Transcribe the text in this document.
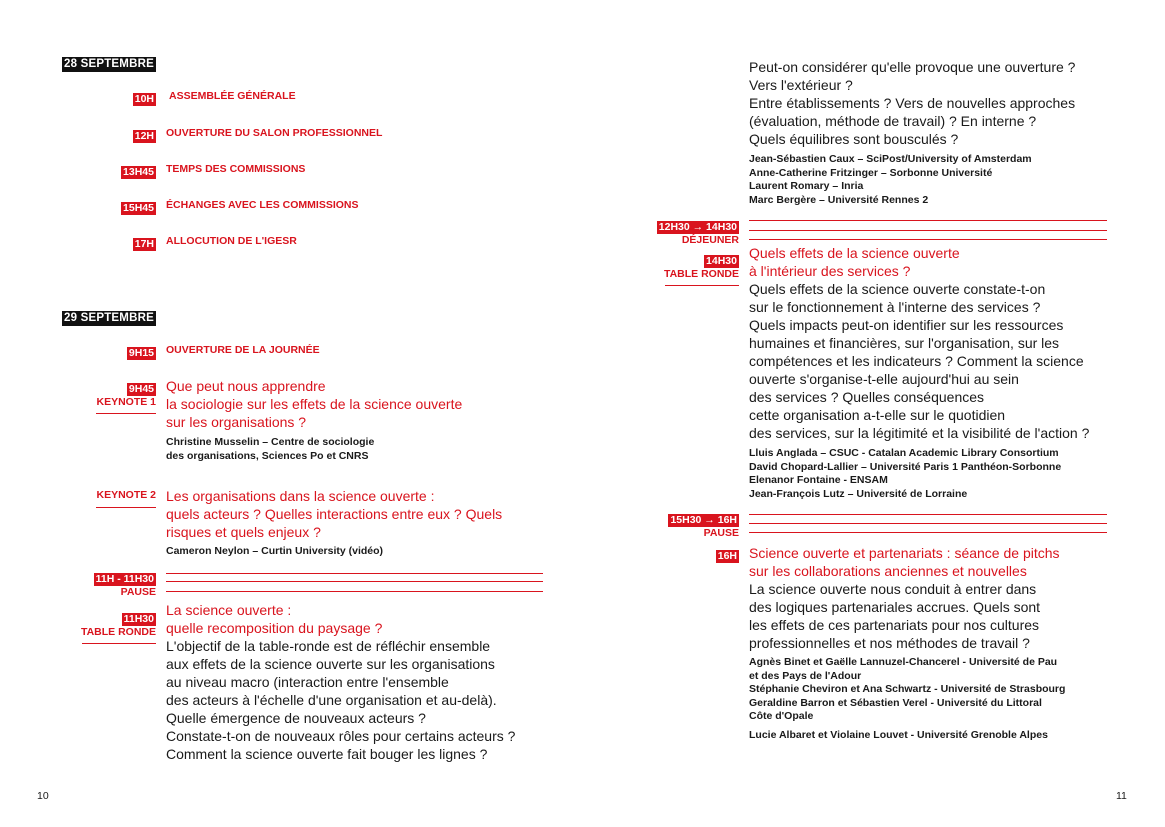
28 SEPTEMBRE
10H ASSEMBLÉE GÉNÉRALE
12H OUVERTURE DU SALON PROFESSIONNEL
13H45 TEMPS DES COMMISSIONS
15H45 ÉCHANGES AVEC LES COMMISSIONS
17H ALLOCUTION DE L'IGESR
29 SEPTEMBRE
9H15 OUVERTURE DE LA JOURNÉE
9H45
KEYNOTE 1
Que peut nous apprendre
la sociologie sur les effets de la science ouverte
sur les organisations ?
Christine Musselin – Centre de sociologie
des organisations, Sciences Po et CNRS
KEYNOTE 2 Les organisations dans la science ouverte :
quels acteurs ? Quelles interactions entre eux ? Quels
risques et quels enjeux ?
Cameron Neylon – Curtin University (vidéo)
11H - 11H30
PAUSE
11H30
TABLE RONDE
La science ouverte :
quelle recomposition du paysage ?
L'objectif de la table-ronde est de réfléchir ensemble
aux effets de la science ouverte sur les organisations
au niveau macro (interaction entre l'ensemble
des acteurs à l'échelle d'une organisation et au-delà).
Quelle émergence de nouveaux acteurs ?
Constate-t-on de nouveaux rôles pour certains acteurs ?
Comment la science ouverte fait bouger les lignes ?
10
Peut-on considérer qu'elle provoque une ouverture ?
Vers l'extérieur ?
Entre établissements ? Vers de nouvelles approches
(évaluation, méthode de travail) ? En interne ?
Quels équilibres sont bousculés ?
Jean-Sébastien Caux – SciPost/University of Amsterdam
Anne-Catherine Fritzinger – Sorbonne Université
Laurent Romary – Inria
Marc Bergère – Université Rennes 2
12H30 → 14H30
DÉJEUNER
14H30
TABLE RONDE
Quels effets de la science ouverte
à l'intérieur des services ?
Quels effets de la science ouverte constate-t-on
sur le fonctionnement à l'interne des services ?
Quels impacts peut-on identifier sur les ressources
humaines et financières, sur l'organisation, sur les
compétences et les indicateurs ? Comment la science
ouverte s'organise-t-elle aujourd'hui au sein
des services ? Quelles conséquences
cette organisation a-t-elle sur le quotidien
des services, sur la légitimité et la visibilité de l'action ?
Lluis Anglada – CSUC - Catalan Academic Library Consortium
David Chopard-Lallier – Université Paris 1 Panthéon-Sorbonne
Elenanor Fontaine - ENSAM
Jean-François Lutz – Université de Lorraine
15H30 → 16H
PAUSE
16H Science ouverte et partenariats : séance de pitchs
sur les collaborations anciennes et nouvelles
La science ouverte nous conduit à entrer dans
des logiques partenariales accrues. Quels sont
les effets de ces partenariats pour nos cultures
professionnelles et nos méthodes de travail ?
Agnès Binet et Gaëlle Lannuzel-Chancerel - Université de Pau
et des Pays de l'Adour
Stéphanie Cheviron et Ana Schwartz - Université de Strasbourg
Geraldine Barron et Sébastien Verel - Université du Littoral
Côte d'Opale
Lucie Albaret et Violaine Louvet - Université Grenoble Alpes
11
